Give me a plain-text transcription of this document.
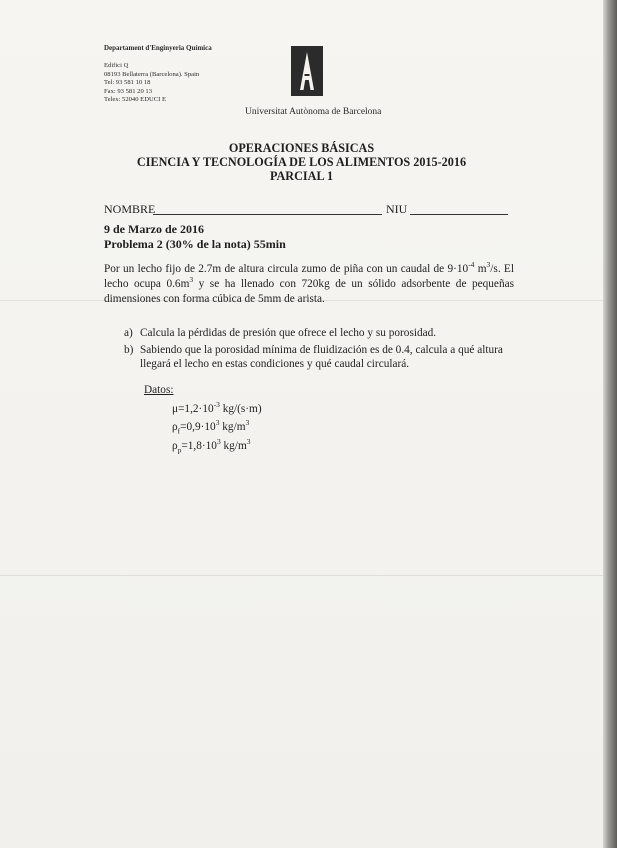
Departament d'Enginyeria Química
Edifici Q
08193 Bellaterra (Barcelona). Spain
Tel: 93 581 10 18
Fax: 93 581 20 13
Telex: 52040 EDUCI E
Universitat Autònoma de Barcelona
OPERACIONES BÁSICAS
CIENCIA Y TECNOLOGÍA DE LOS ALIMENTOS 2015-2016
PARCIAL 1
NOMBRE	NIU
9 de Marzo de 2016
Problema 2 (30% de la nota) 55min
Por un lecho fijo de 2.7m de altura circula zumo de piña con un caudal de $9\cdot 10^{-4}$ $m^3/s$. El lecho ocupa $0.6m^3$ y se ha llenado con 720kg de un sólido adsorbente de pequeñas dimensiones con forma cúbica de 5mm de arista.
a) Calcula la pérdidas de presión que ofrece el lecho y su porosidad.
b) Sabiendo que la porosidad mínima de fluidización es de 0.4, calcula a qué altura llegará el lecho en estas condiciones y qué caudal circulará.
Datos:
$\mu=1,2\cdot 10^{-3}$ kg/(s·m)
$\rho_f=0,9\cdot 10^3$ $kg/m^3$
$\rho_p=1,8\cdot 10^3$ $kg/m^3$
